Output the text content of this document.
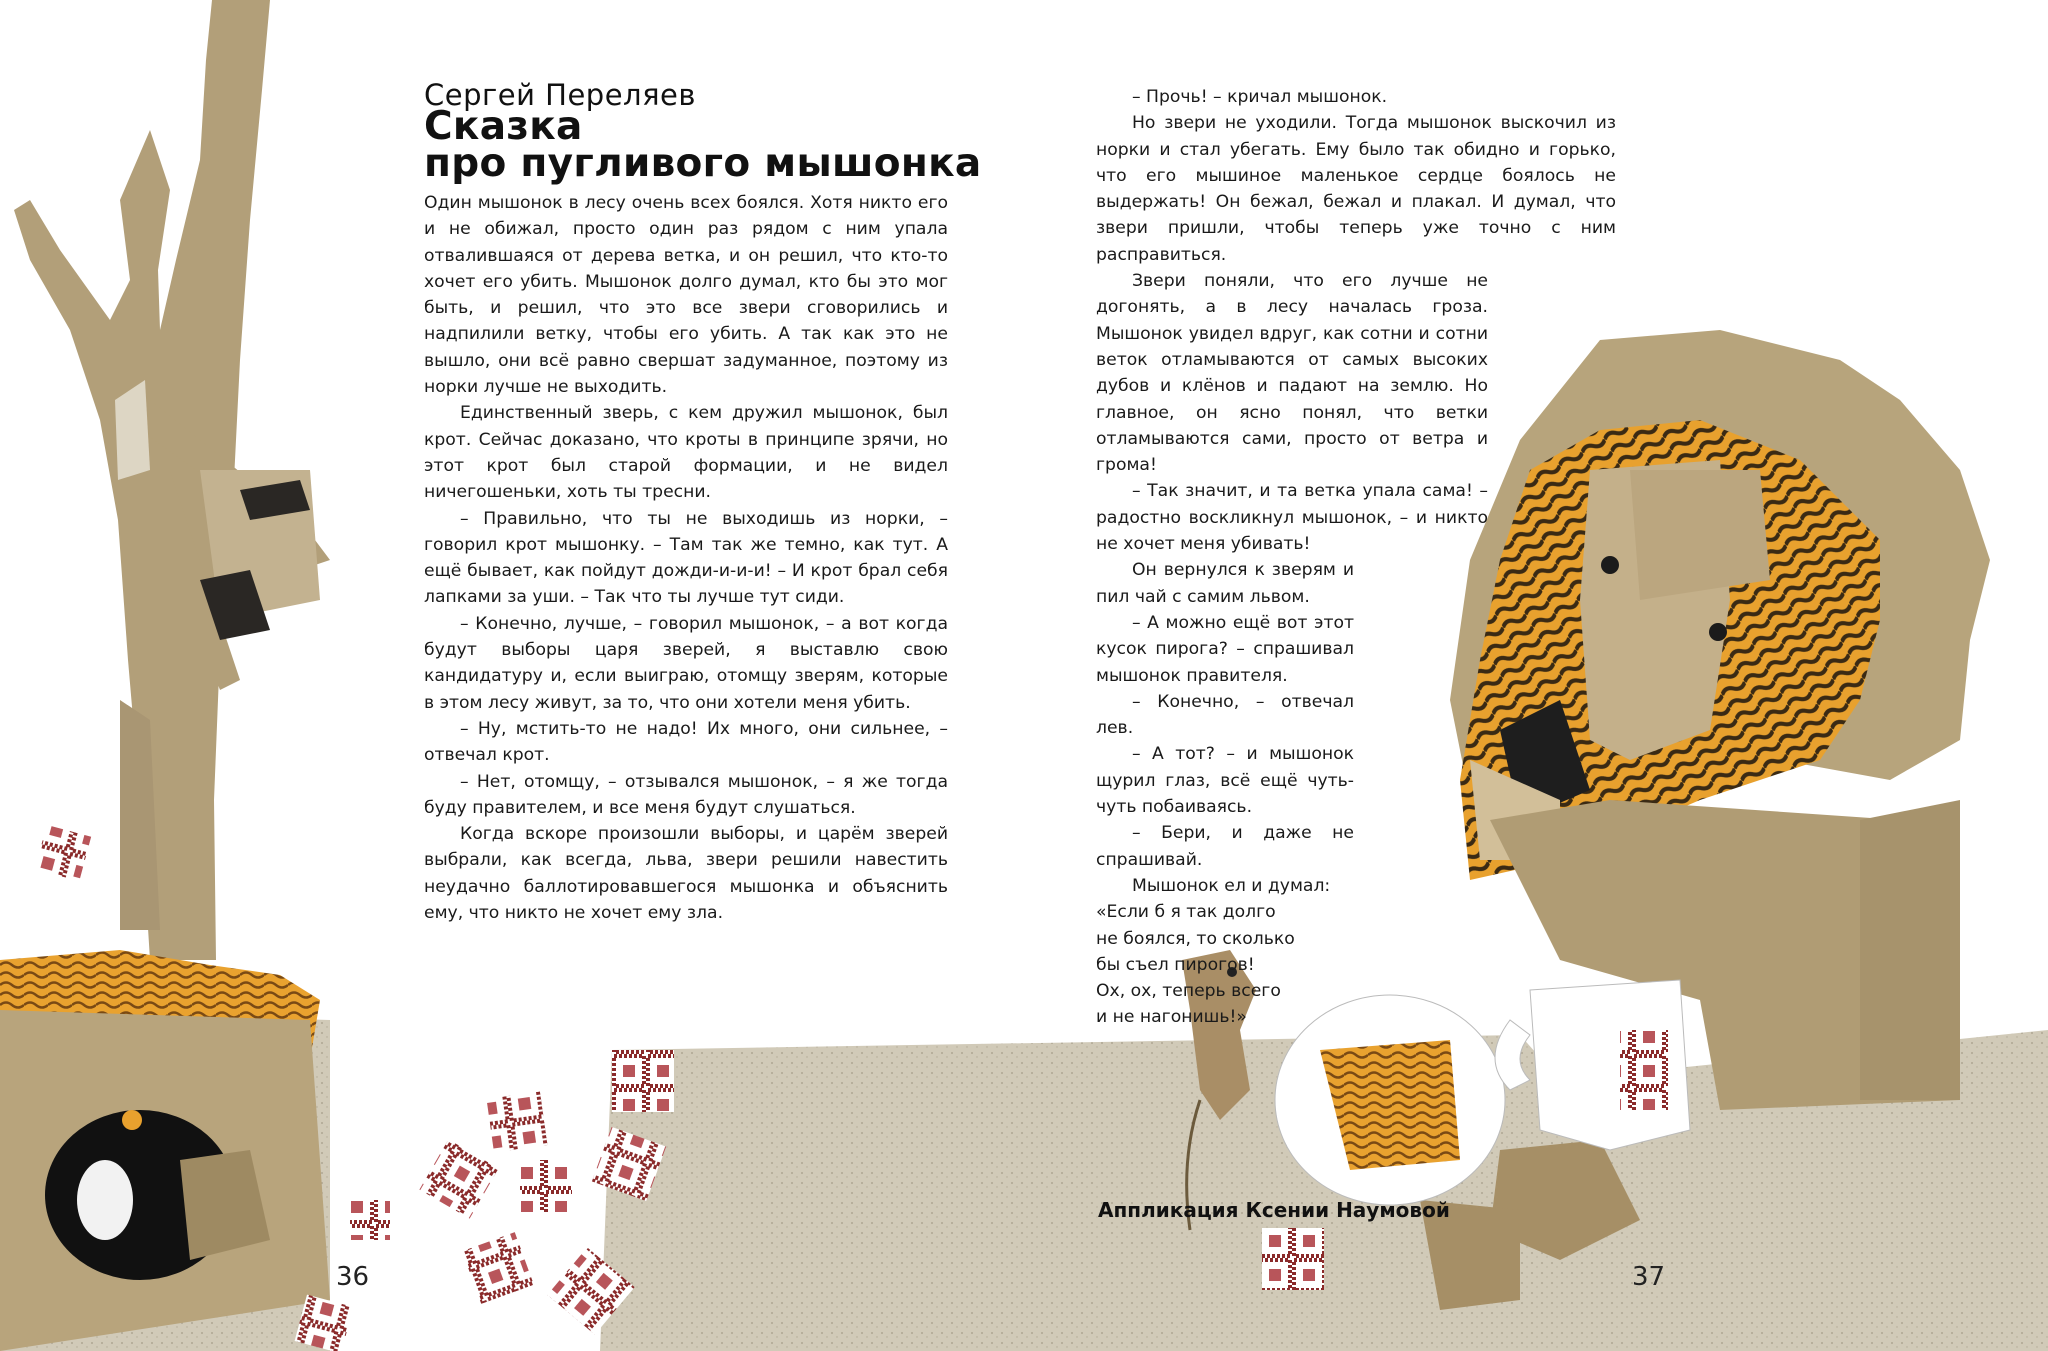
Сергей Переляев
Сказка
про пугливого мышонка

Один мышонок в лесу очень всех боялся. Хотя никто его и не обижал, просто один раз рядом с ним упала отвалившаяся от дерева ветка, и он решил, что кто-то хочет его убить. Мышонок долго думал, кто бы это мог быть, и решил, что это все звери сговорились и надпилили ветку, чтобы его убить. А так как это не вышло, они всё равно свершат задуманное, поэтому из норки лучше не выходить.

Единственный зверь, с кем дружил мышонок, был крот. Сейчас доказано, что кроты в принципе зрячи, но этот крот был старой формации, и не видел ничегошеньки, хоть ты тресни.

– Правильно, что ты не выходишь из норки, – говорил крот мышонку. – Там так же темно, как тут. А ещё бывает, как пойдут дожди-и-и-и! – И крот брал себя лапками за уши. – Так что ты лучше тут сиди.

– Конечно, лучше, – говорил мышонок, – а вот когда будут выборы царя зверей, я выставлю свою кандидатуру и, если выиграю, отомщу зверям, которые в этом лесу живут, за то, что они хотели меня убить.

– Ну, мстить-то не надо! Их много, они сильнее, – отвечал крот.

– Нет, отомщу, – отзывался мышонок, – я же тогда буду правителем, и все меня будут слушаться.

Когда вскоре произошли выборы, и царём зверей выбрали, как всегда, льва, звери решили навестить неудачно баллотировавшегося мышонка и объяснить ему, что никто не хочет ему зла.

– Прочь! – кричал мышонок.

Но звери не уходили. Тогда мышонок выскочил из норки и стал убегать. Ему было так обидно и горько, что его мышиное маленькое сердце боялось не выдержать! Он бежал, бежал и плакал. И думал, что звери пришли, чтобы теперь уже точно с ним расправиться.

Звери поняли, что его лучше не догонять, а в лесу началась гроза. Мышонок увидел вдруг, как сотни и сотни веток отламываются от самых высоких дубов и клёнов и падают на землю. Но главное, он ясно понял, что ветки отламываются сами, просто от ветра и грома!

– Так значит, и та ветка упала сама! – радостно воскликнул мышонок, – и никто не хочет меня убивать!

Он вернулся к зверям и пил чай с самим львом.

– А можно ещё вот этот кусок пирога? – спрашивал мышонок правителя.

– Конечно, – отвечал лев.

– А тот? – и мышонок щурил глаз, всё ещё чуть-чуть побаиваясь.

– Бери, и даже не спрашивай.

Мышонок ел и думал:

«Если б я так долго

не боялся, то сколько

бы съел пирогов!

Ох, ох, теперь всего

и не нагонишь!»

Аппликация Ксении Наумовой
36	37
